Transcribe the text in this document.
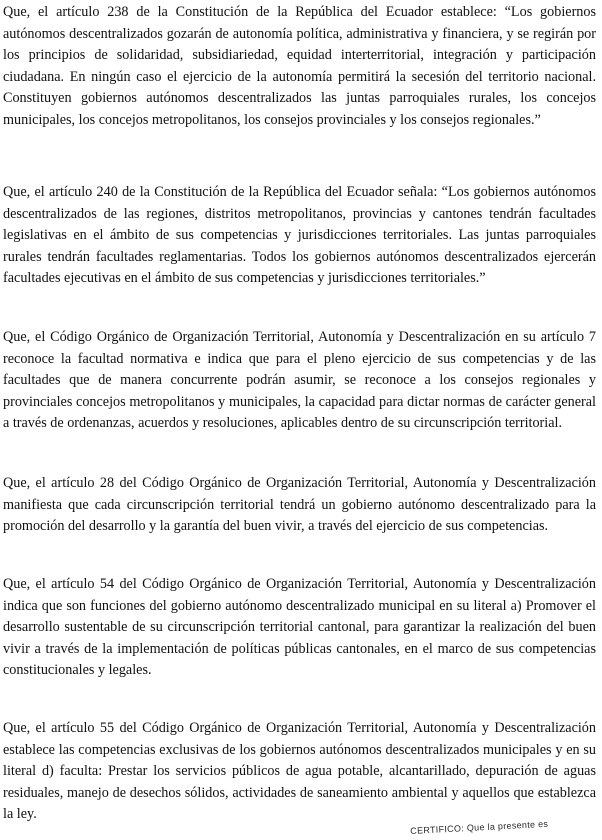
Que, el artículo 238 de la Constitución de la República del Ecuador establece: “Los gobiernos autónomos descentralizados gozarán de autonomía política, administrativa y financiera, y se regirán por los principios de solidaridad, subsidiariedad, equidad interterritorial, integración y participación ciudadana. En ningún caso el ejercicio de la autonomía permitirá la secesión del territorio nacional. Constituyen gobiernos autónomos descentralizados las juntas parroquiales rurales, los concejos municipales, los concejos metropolitanos, los consejos provinciales y los consejos regionales.”

Que, el artículo 240 de la Constitución de la República del Ecuador señala: “Los gobiernos autónomos descentralizados de las regiones, distritos metropolitanos, provincias y cantones tendrán facultades legislativas en el ámbito de sus competencias y jurisdicciones territoriales. Las juntas parroquiales rurales tendrán facultades reglamentarias. Todos los gobiernos autónomos descentralizados ejercerán facultades ejecutivas en el ámbito de sus competencias y jurisdicciones territoriales.”

Que, el Código Orgánico de Organización Territorial, Autonomía y Descentralización en su artículo 7 reconoce la facultad normativa e indica que para el pleno ejercicio de sus competencias y de las facultades que de manera concurrente podrán asumir, se reconoce a los consejos regionales y provinciales concejos metropolitanos y municipales, la capacidad para dictar normas de carácter general a través de ordenanzas, acuerdos y resoluciones, aplicables dentro de su circunscripción territorial.

Que, el artículo 28 del Código Orgánico de Organización Territorial, Autonomía y Descentralización manifiesta que cada circunscripción territorial tendrá un gobierno autónomo descentralizado para la promoción del desarrollo y la garantía del buen vivir, a través del ejercicio de sus competencias.

Que, el artículo 54 del Código Orgánico de Organización Territorial, Autonomía y Descentralización indica que son funciones del gobierno autónomo descentralizado municipal en su literal a) Promover el desarrollo sustentable de su circunscripción territorial cantonal, para garantizar la realización del buen vivir a través de la implementación de políticas públicas cantonales, en el marco de sus competencias constitucionales y legales.

Que, el artículo 55 del Código Orgánico de Organización Territorial, Autonomía y Descentralización establece las competencias exclusivas de los gobiernos autónomos descentralizados municipales y en su literal d) faculta: Prestar los servicios públicos de agua potable, alcantarillado, depuración de aguas residuales, manejo de desechos sólidos, actividades de saneamiento ambiental y aquellos que establezca la ley.

CERTIFICO: Que la presente es
